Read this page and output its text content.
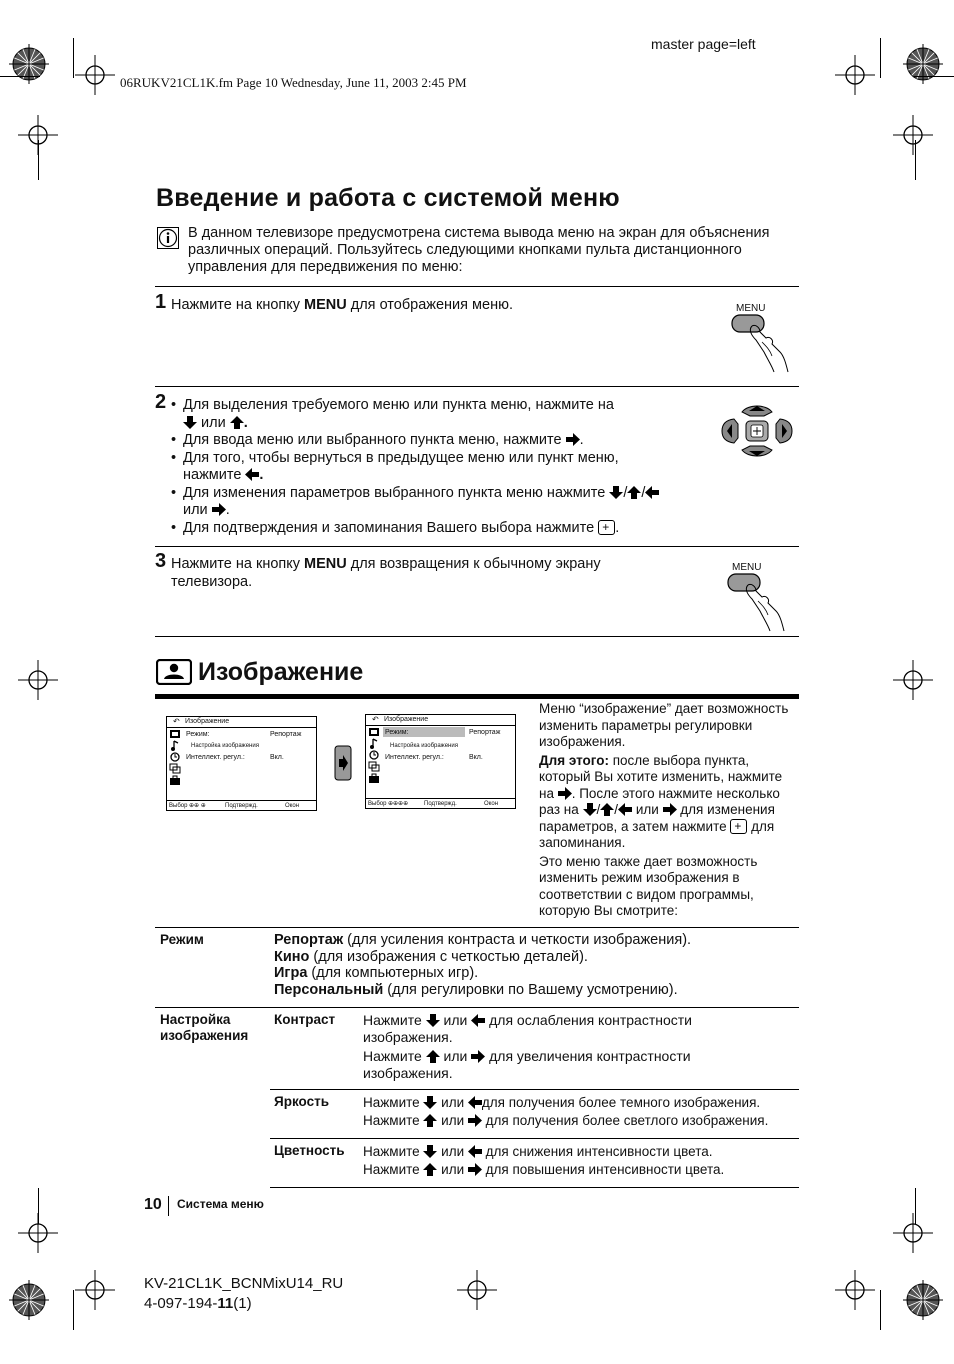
master page=left
06RUKV21CL1K.fm Page 10 Wednesday, June 11, 2003 2:45 PM
Введение и работа с системой меню
В данном телевизоре предусмотрена система вывода меню на экран для объяснения различных операций. Пользуйтесь следующими кнопками пульта дистанционного управления для передвижения по меню:
1 Нажмите на кнопку MENU для отображения меню.	MENU
2
•	Для выделения требуемого меню или пункта меню, нажмите на
или .
• Для ввода меню или выбранного пункта меню, нажмите .
• Для того, чтобы вернуться в предыдущее меню или пункт меню,
нажмите .
• Для изменения параметров выбранного пункта меню нажмите / /
или .
• Для подтверждения и запоминания Вашего выбора нажмите +.
3 Нажмите на кнопку MENU для возвращения к обычному экрану телевизора.
MENU
Изображение
↶ Изображение
Режим:	Репортаж
Настройка изображения
Интеллект. регул.:	Вкл.
Выбор ⊕⊕ ⊕	Подтвержд.	Окон
↶ Изображение
Режим:	Репортаж
Настройка изображения
Интеллект. регул.:	Вкл.
Выбор ⊕⊕⊕⊕	Подтвержд.	Окон

Меню “изображение” дает возможность изменить параметры регулировки изображения.

Для этого: после выбора пункта, который Вы хотите изменить, нажмите на . После этого нажмите несколько раз на / / или  для изменения параметров, а затем нажмите + для запоминания.

Это меню также дает возможность изменить режим изображения в соответствии с видом программы, которую Вы смотрите:

Режим	Репортаж (для усиления контраста и четкости изображения).
Кино (для изображения с четкостью деталей).
Игра (для компьютерных игр).
Персональный (для регулировки по Вашему усмотрению).
Настройка
изображения
Контраст Нажмите  или  для ослабления контрастности
изображения.
Нажмите  или  для увеличения контрастности
изображения.
Яркость	Нажмите  или для получения более темного изображения.
Нажмите  или  для получения более светлого изображения.
Цветность Нажмите  или  для снижения интенсивности цвета.
Нажмите  или  для повышения интенсивности цвета.
10 Система меню
KV-21CL1K_BCNMixU14_RU
4-097-194-11(1)
